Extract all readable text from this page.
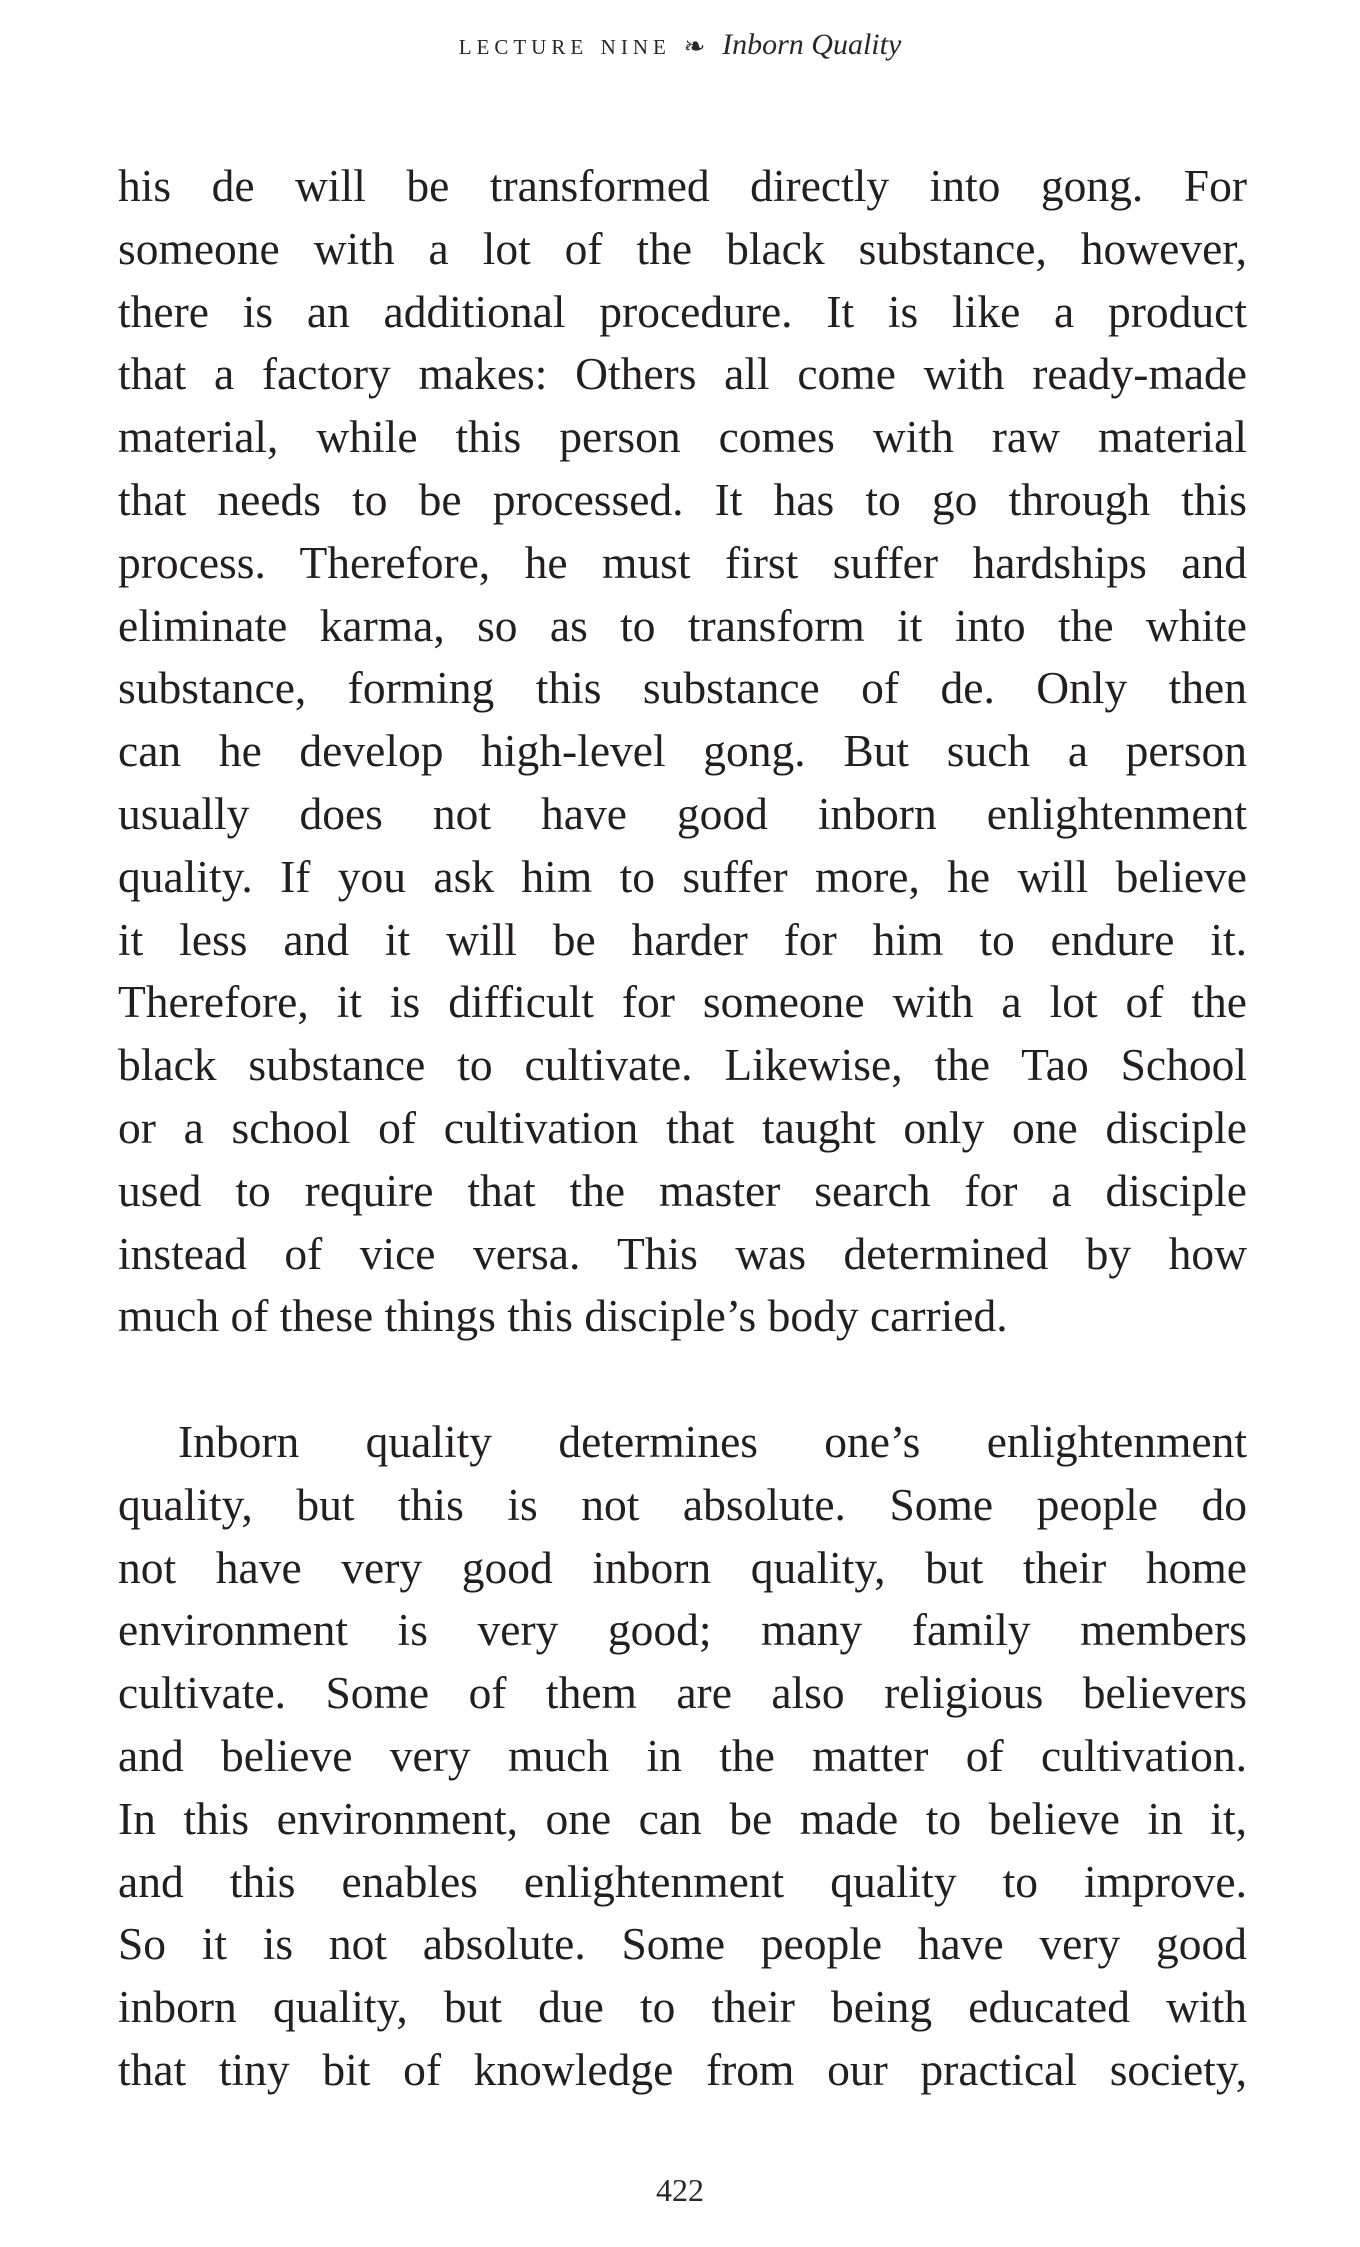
lecture nine ❧ Inborn Quality
his de will be transformed directly into gong. For
someone with a lot of the black substance, however,
there is an additional procedure. It is like a product
that a factory makes: Others all come with ready-made
material, while this person comes with raw material
that needs to be processed. It has to go through this
process. Therefore, he must first suffer hardships and
eliminate karma, so as to transform it into the white
substance, forming this substance of de. Only then
can he develop high-level gong. But such a person
usually does not have good inborn enlightenment
quality. If you ask him to suffer more, he will believe
it less and it will be harder for him to endure it.
Therefore, it is difficult for someone with a lot of the
black substance to cultivate. Likewise, the Tao School
or a school of cultivation that taught only one disciple
used to require that the master search for a disciple
instead of vice versa. This was determined by how
much of these things this disciple’s body carried.
Inborn quality determines one’s enlightenment
quality, but this is not absolute. Some people do
not have very good inborn quality, but their home
environment is very good; many family members
cultivate. Some of them are also religious believers
and believe very much in the matter of cultivation.
In this environment, one can be made to believe in it,
and this enables enlightenment quality to improve.
So it is not absolute. Some people have very good
inborn quality, but due to their being educated with
that tiny bit of knowledge from our practical society,
422
